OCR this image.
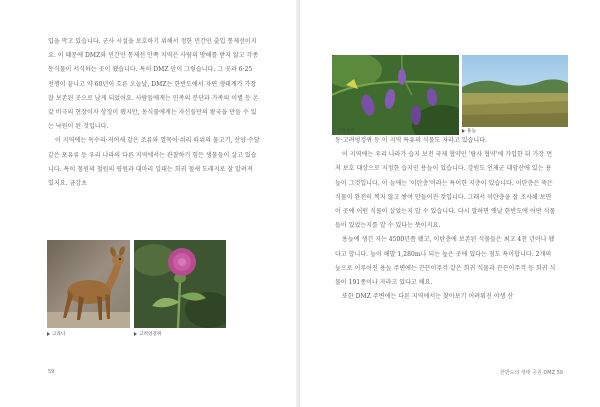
입을 막고 있습니다. 군사 시설을 보호하기 위해서 정한 민간인 출입 통제선이지요. 이 때문에 DMZ와 민간인 통제선 안쪽 지역은 사람의 방해를 받지 않고 각종 동식물이 서식하는 곳이 됐습니다. 특히 DMZ 안이 그렇습니다. 그 곳과 6·25 전쟁이 끝나고 약 60년이 흐른 오늘날, DMZ는 한반도에서 자연 생태계가 가장 잘 보존된 곳으로 남게 되었어요. 사람들에게는 민족의 분단과 가족의 이별 등 온갖 비극의 현장이자 상징이 됐지만, 동식물에게는 자신들만의 왕국을 만들 수 있는 낙원이 된 것입니다.

이 지역에는 독수리·저어새 같은 조류와 열목어·쉬리 따위의 물고기, 산양·수달 같은 포유류 등 우리 나라의 다른 지역에서는 관찰하기 힘든 생물들이 살고 있습니다. 특히 철원의 철원의 평원과 대마리 일대는 희귀 철새 도래지로 잘 알려져 있지요. 금강초

고라니	고려엉겅퀴
59
금강초롱	용늪

동·고려엉겅퀴 등 이 지역 특유의 식물도 자라고 있습니다.

이 지역에는 우리 나라가 습지 보전 국제 협약인 '람사 협약'에 가입한 뒤 가장 먼저 보호 대상으로 지정한 습지인 용늪이 있습니다. 강원도 인제군 대암산에 있는 용늪이 그것입니다. 이 늪에는 '이탄층'이라는 특이한 지층이 있습니다. 이탄층은 죽은 식물이 완전히 썩지 않고 쌓여 만들어진 것입니다. 그래서 이탄층을 잘 조사해 보면 이 곳에 어떤 식물이 살았는지 알 수 있습니다. 다시 말하면 옛날 한반도에 어떤 식물들이 있었는지를 알 수 있다는 뜻이지요.

용늪에 생긴 지는 4500년쯤 됐고, 이탄층에 보존된 식물들은 최고 4천 년이나 됐다고 합니다. 늪이 해발 1,280m나 되는 높은 곳에 있다는 점도 특이합니다. 2개의 늪으로 이루어진 용늪 주변에는 끈끈이주걱 같은 희귀 식물과 끈끈이주걱 등 희귀 식물이 191종이나 자라고 있다고 해요.

또한 DMZ 주변에는 다른 지역에서는 찾아보기 어려워진 야생 산

한반도의 생태 공원 DMZ 59
